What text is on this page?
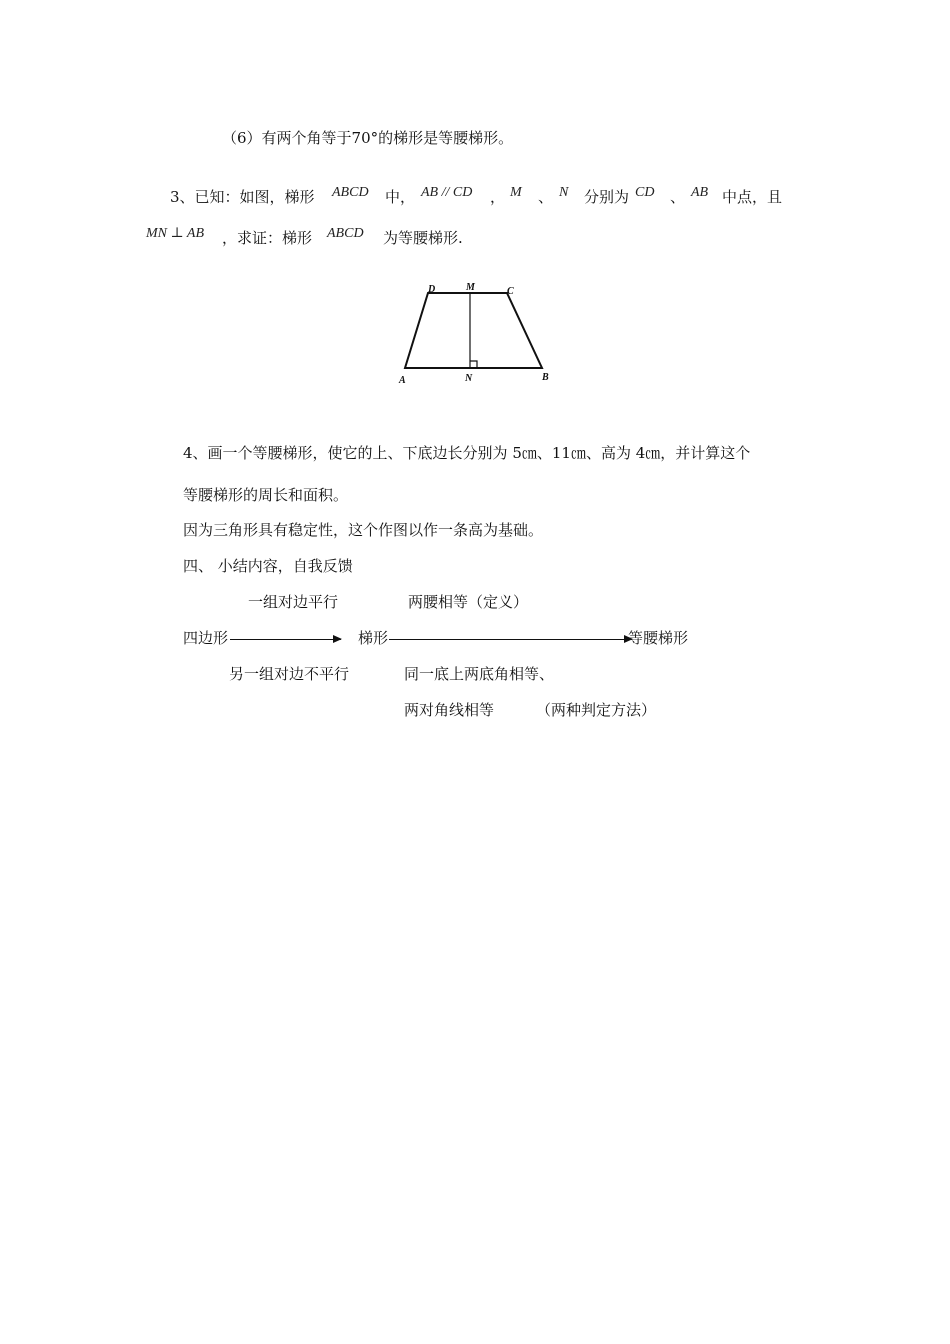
（6）有两个角等于70°的梯形是等腰梯形。
3、已知：如图，梯形 ABCD 中， AB // CD ， M 、 N 分别为 CD 、 AB 中点，且
MN ⊥ AB ，求证：梯形 ABCD 为等腰梯形.
D	M	C
A	N	B
4、画一个等腰梯形，使它的上、下底边长分别为 5㎝、11㎝、高为 4㎝，并计算这个
等腰梯形的周长和面积。
因为三角形具有稳定性，这个作图以作一条高为基础。
四、 小结内容，自我反馈
一组对边平行	两腰相等（定义）
四边形	梯形	等腰梯形
另一组对边不平行	同一底上两底角相等、
两对角线相等	（两种判定方法）
